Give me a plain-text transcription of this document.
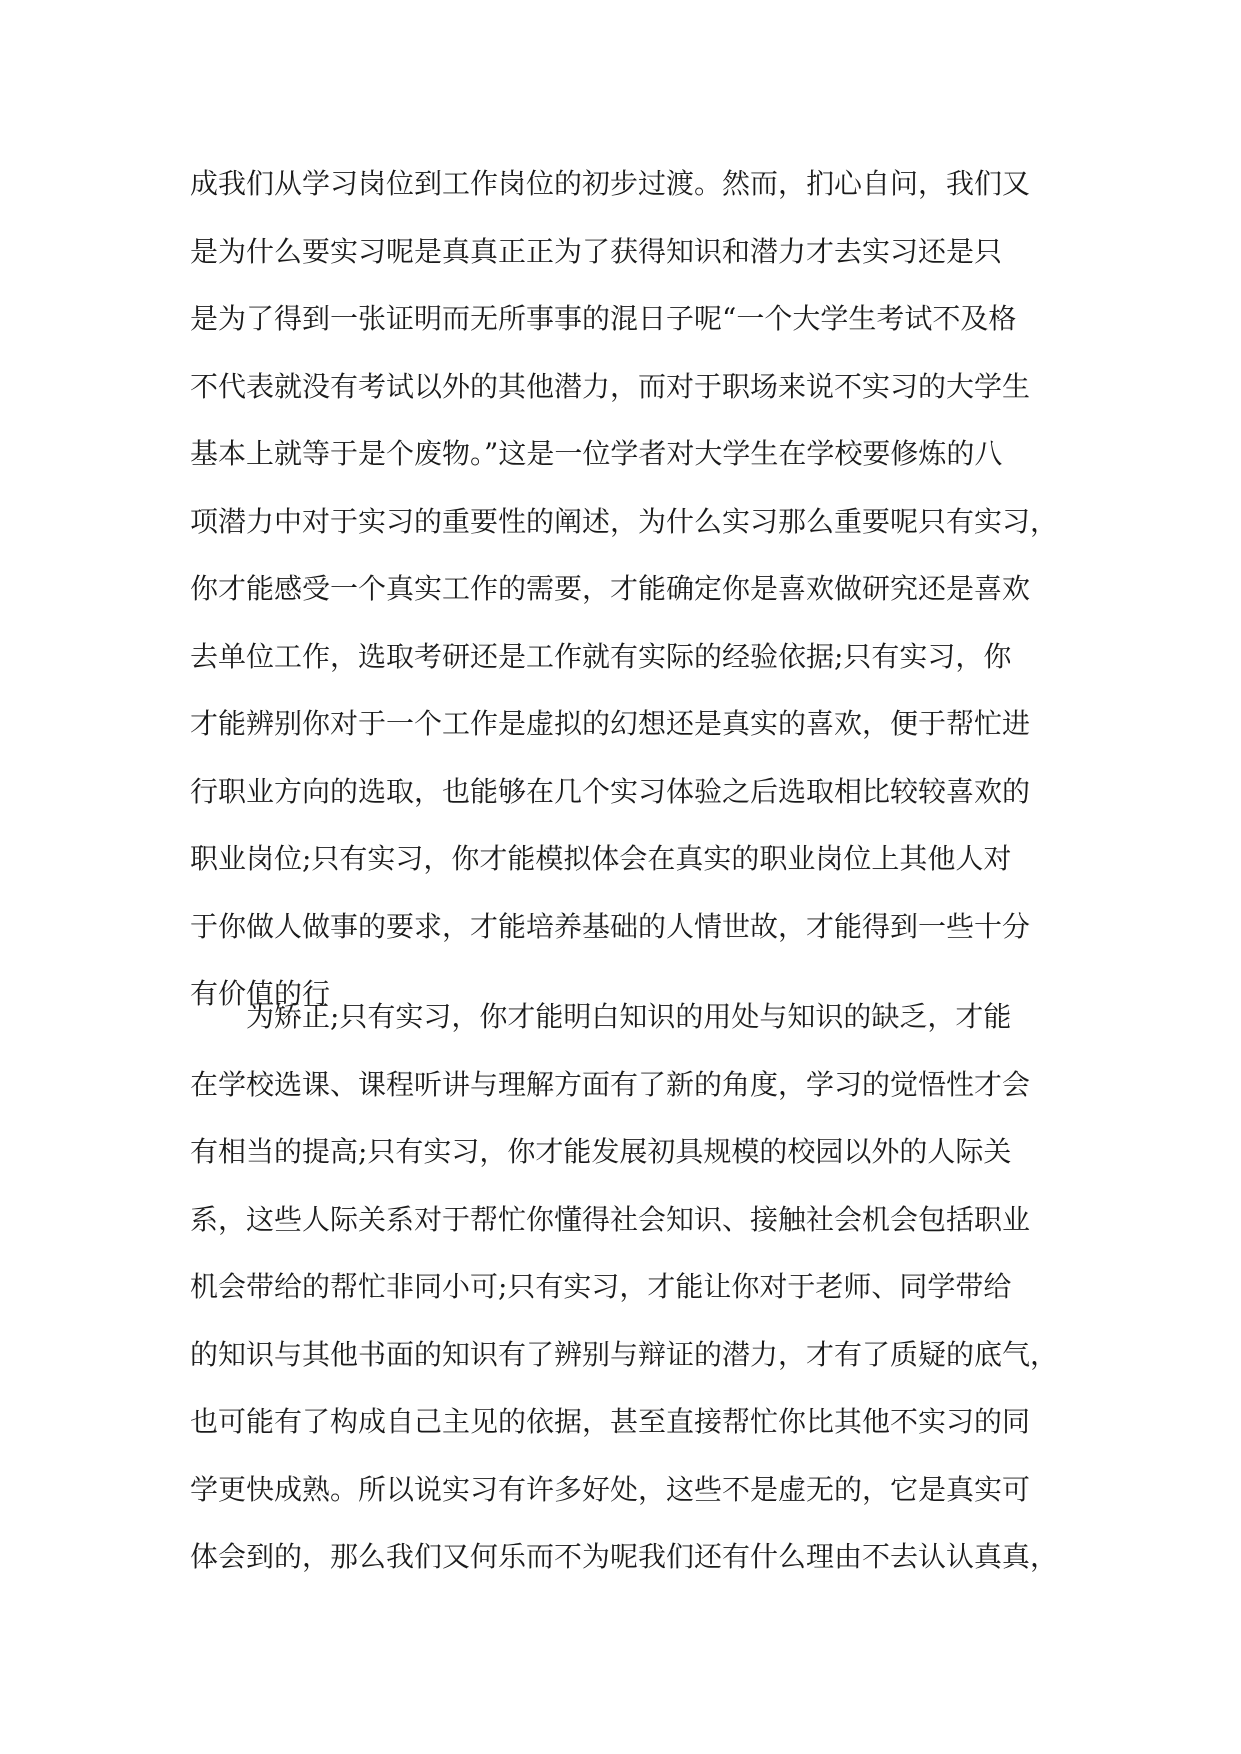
成我们从学习岗位到工作岗位的初步过渡。然而，扪心自问，我们又
是为什么要实习呢是真真正正为了获得知识和潜力才去实习还是只
是为了得到一张证明而无所事事的混日子呢“一个大学生考试不及格
不代表就没有考试以外的其他潜力，而对于职场来说不实习的大学生
基本上就等于是个废物。”这是一位学者对大学生在学校要修炼的八
项潜力中对于实习的重要性的阐述，为什么实习那么重要呢只有实习，
你才能感受一个真实工作的需要，才能确定你是喜欢做研究还是喜欢
去单位工作，选取考研还是工作就有实际的经验依据;只有实习，你
才能辨别你对于一个工作是虚拟的幻想还是真实的喜欢，便于帮忙进
行职业方向的选取，也能够在几个实习体验之后选取相比较较喜欢的
职业岗位;只有实习，你才能模拟体会在真实的职业岗位上其他人对
于你做人做事的要求，才能培养基础的人情世故，才能得到一些十分
有价值的行
为矫正;只有实习，你才能明白知识的用处与知识的缺乏，才能
在学校选课、课程听讲与理解方面有了新的角度，学习的觉悟性才会
有相当的提高;只有实习，你才能发展初具规模的校园以外的人际关
系，这些人际关系对于帮忙你懂得社会知识、接触社会机会包括职业
机会带给的帮忙非同小可;只有实习，才能让你对于老师、同学带给
的知识与其他书面的知识有了辨别与辩证的潜力，才有了质疑的底气，
也可能有了构成自己主见的依据，甚至直接帮忙你比其他不实习的同
学更快成熟。所以说实习有许多好处，这些不是虚无的，它是真实可
体会到的，那么我们又何乐而不为呢我们还有什么理由不去认认真真，
